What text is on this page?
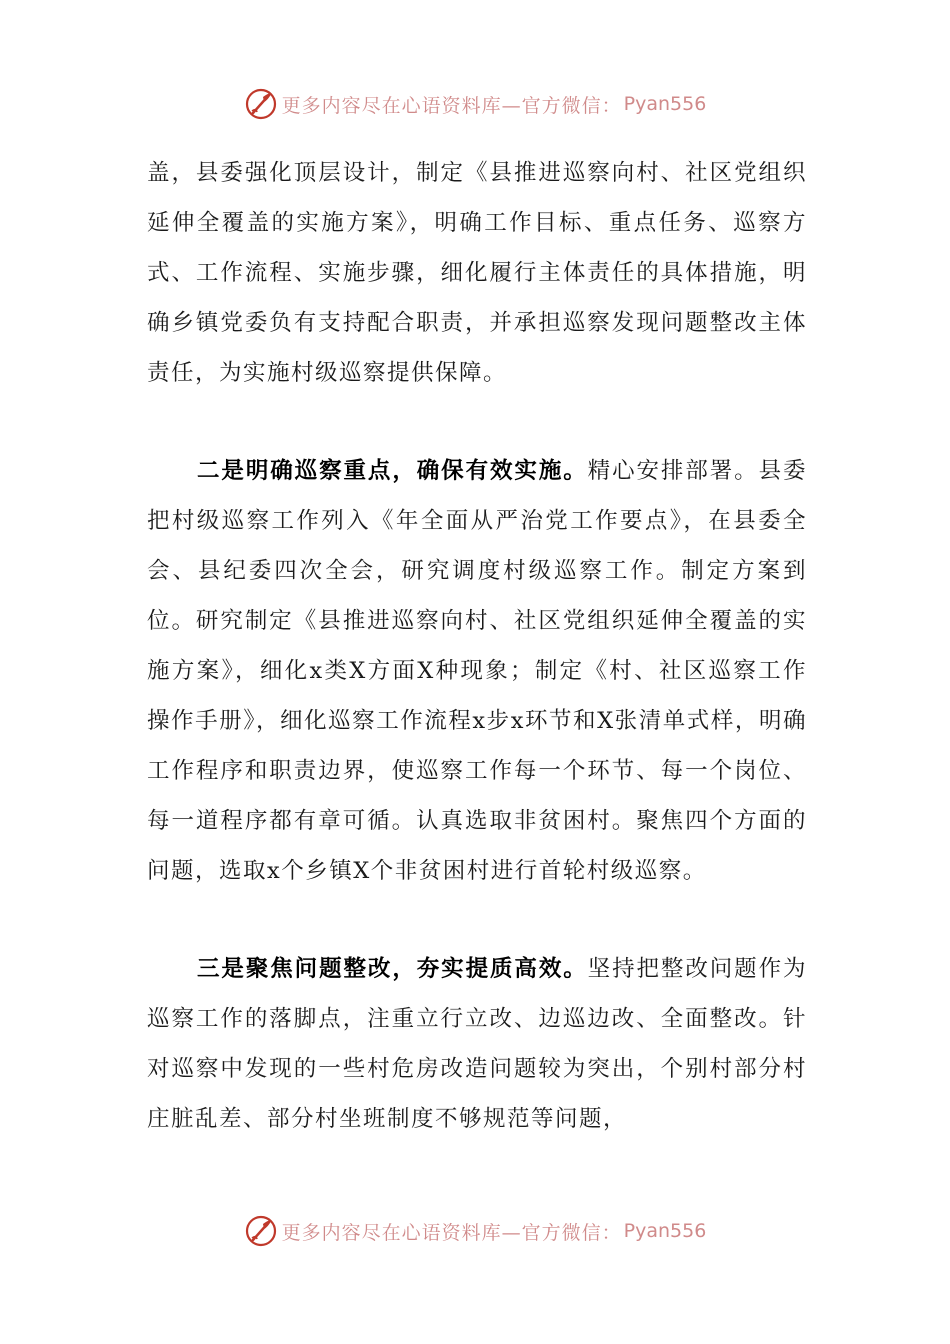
更多内容尽在心语资料库—官方微信： Pyan556

盖，县委强化顶层设计，制定《县推进巡察向村、社区党组织延伸全覆盖的实施方案》，明确工作目标、重点任务、巡察方式、工作流程、实施步骤，细化履行主体责任的具体措施，明确乡镇党委负有支持配合职责，并承担巡察发现问题整改主体责任，为实施村级巡察提供保障。

二是明确巡察重点，确保有效实施。精心安排部署。县委把村级巡察工作列入《年全面从严治党工作要点》，在县委全会、县纪委四次全会，研究调度村级巡察工作。制定方案到位。研究制定《县推进巡察向村、社区党组织延伸全覆盖的实施方案》，细化x类X方面X种现象；制定《村、社区巡察工作操作手册》，细化巡察工作流程x步x环节和X张清单式样，明确工作程序和职责边界，使巡察工作每一个环节、每一个岗位、每一道程序都有章可循。认真选取非贫困村。聚焦四个方面的问题，选取x个乡镇X个非贫困村进行首轮村级巡察。

三是聚焦问题整改，夯实提质高效。坚持把整改问题作为巡察工作的落脚点，注重立行立改、边巡边改、全面整改。针对巡察中发现的一些村危房改造问题较为突出，个别村部分村庄脏乱差、部分村坐班制度不够规范等问题，

更多内容尽在心语资料库—官方微信： Pyan556
